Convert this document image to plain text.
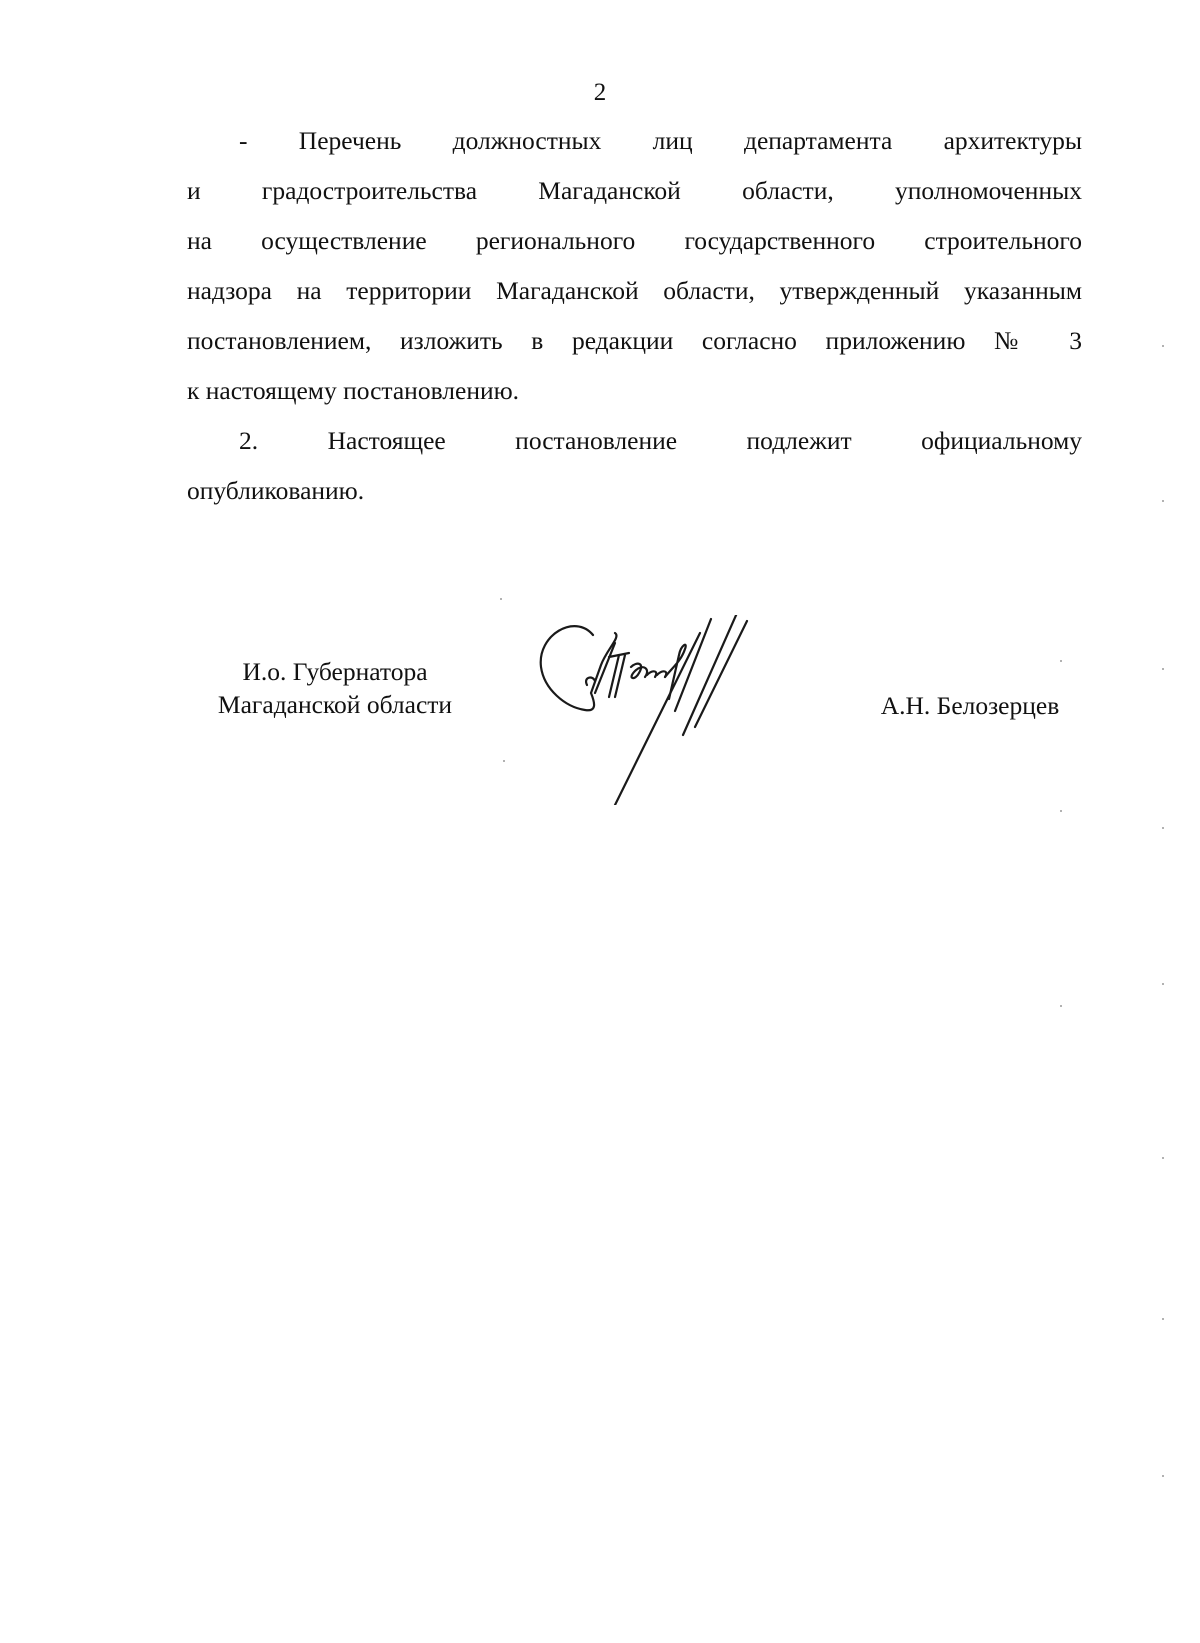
2
- Перечень должностных лиц департамента архитектуры
и градостроительства Магаданской области, уполномоченных
на осуществление регионального государственного строительного
надзора на территории Магаданской области, утвержденный указанным
постановлением, изложить в редакции согласно приложению № 3
к настоящему постановлению.
2. Настоящее постановление подлежит официальному
опубликованию.
И.о. Губернатора
Магаданской области	А.Н. Белозерцев
